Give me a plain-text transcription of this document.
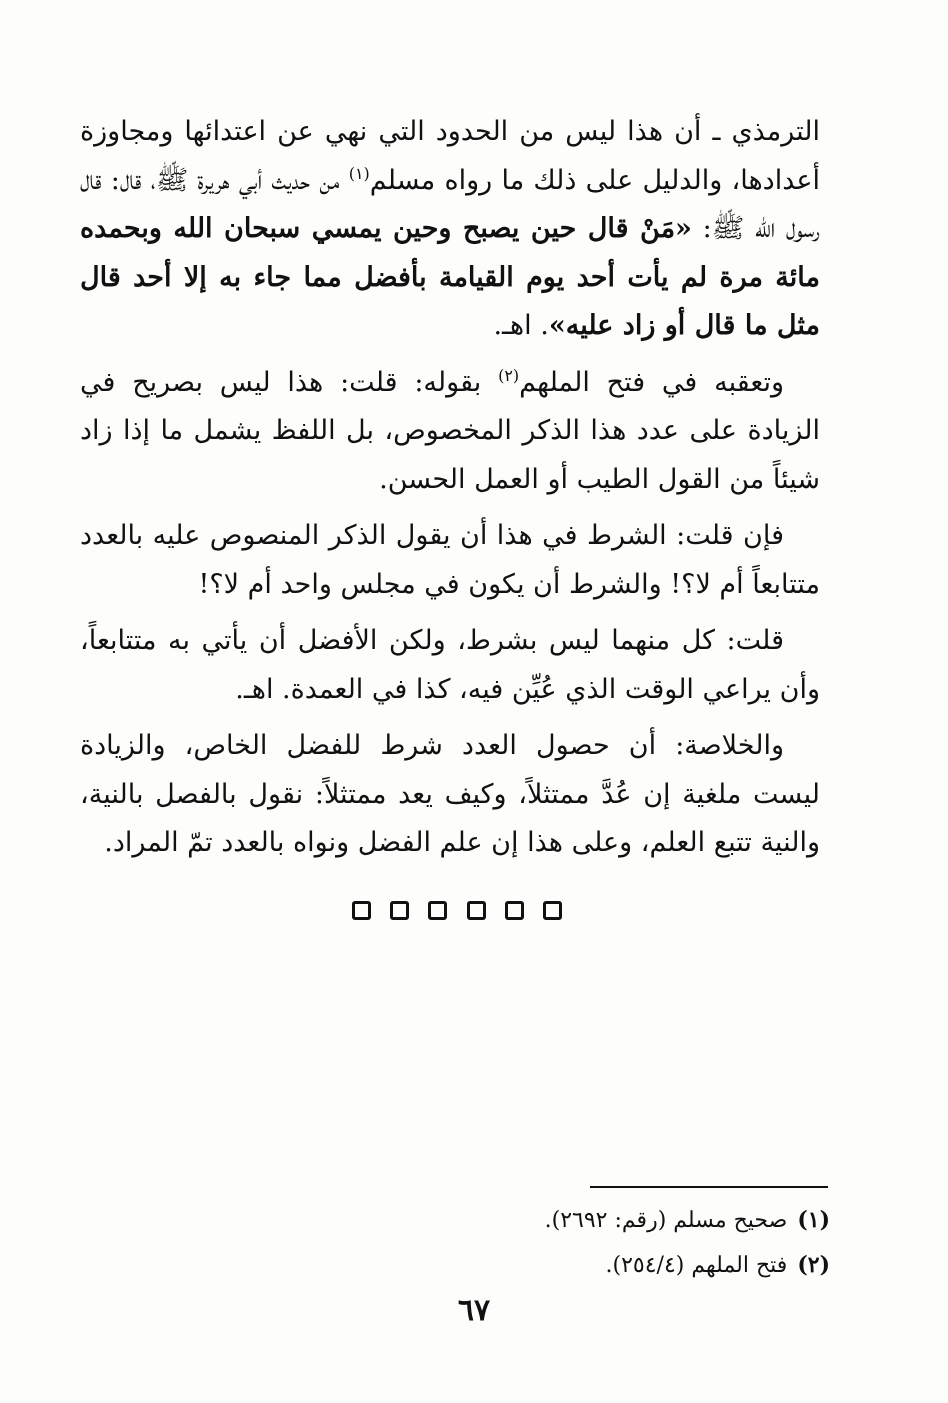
الترمذي ـ أن هذا ليس من الحدود التي نهي عن اعتدائها ومجاوزة أعدادها، والدليل على ذلك ما رواه مسلم$^{(١)}$ من حديث أبي هريرة ﷺ، قال: قال رسول الله ﷺ: «مَنْ قال حين يصبح وحين يمسي سبحان الله وبحمده مائة مرة لم يأت أحد يوم القيامة بأفضل مما جاء به إلا أحد قال مثل ما قال أو زاد عليه». اهـ.

وتعقبه في فتح الملهم$^{(٢)}$ بقوله: قلت: هذا ليس بصريح في الزيادة على عدد هذا الذكر المخصوص، بل اللفظ يشمل ما إذا زاد شيئاً من القول الطيب أو العمل الحسن.

فإن قلت: الشرط في هذا أن يقول الذكر المنصوص عليه بالعدد متتابعاً أم لا؟! والشرط أن يكون في مجلس واحد أم لا؟!

قلت: كل منهما ليس بشرط، ولكن الأفضل أن يأتي به متتابعاً، وأن يراعي الوقت الذي عُيِّن فيه، كذا في العمدة. اهـ.

والخلاصة: أن حصول العدد شرط للفضل الخاص، والزيادة ليست ملغية إن عُدَّ ممتثلاً، وكيف يعد ممتثلاً: نقول بالفصل بالنية، والنية تتبع العلم، وعلى هذا إن علم الفضل ونواه بالعدد تمّ المراد.

(١)صحيح مسلم (رقم: ٢٦٩٢).

(٢)فتح الملهم (٢٥٤/٤).

٦٧
